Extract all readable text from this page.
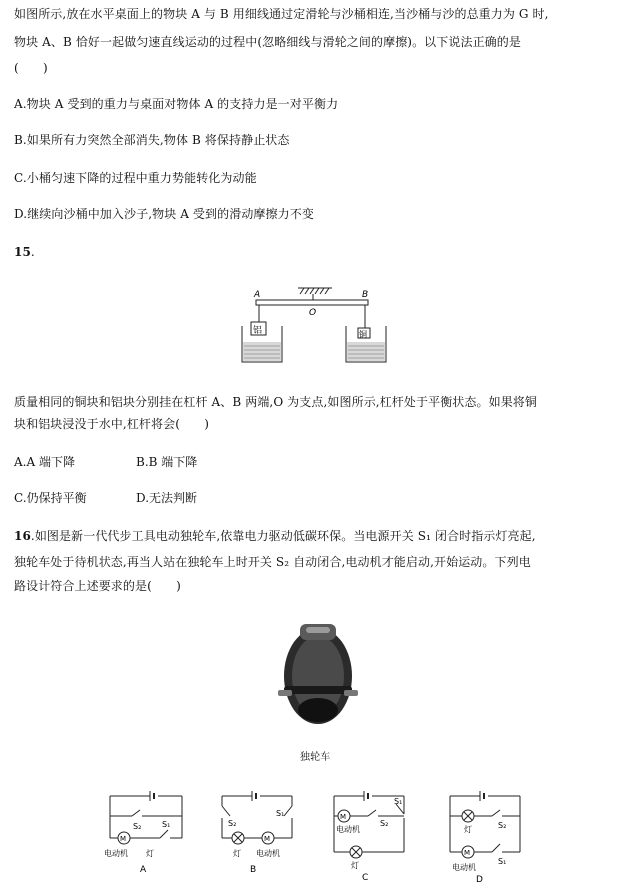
如图所示,放在水平桌面上的物块 A 与 B 用细线通过定滑轮与沙桶相连,当沙桶与沙的总重力为 G 时,
物块 A、B 恰好一起做匀速直线运动的过程中(忽略细线与滑轮之间的摩擦)。以下说法正确的是
(　　)
A.物块 A 受到的重力与桌面对物体 A 的支持力是一对平衡力
B.如果所有力突然全部消失,物体 B 将保持静止状态
C.小桶匀速下降的过程中重力势能转化为动能
D.继续向沙桶中加入沙子,物块 A 受到的滑动摩擦力不变
15.
A	B
O
铝	铜
质量相同的铜块和铝块分别挂在杠杆 A、B 两端,O 为支点,如图所示,杠杆处于平衡状态。如果将铜
块和铝块浸没于水中,杠杆将会(　　)
A.A 端下降	B.B 端下降
C.仍保持平衡	D.无法判断
16.如图是新一代代步工具电动独轮车,依靠电力驱动低碳环保。当电源开关 S₁ 闭合时指示灯亮起,
独轮车处于待机状态,再当人站在独轮车上时开关 S₂ 自动闭合,电动机才能启动,开始运动。下列电
路设计符合上述要求的是(　　)
独轮车
S₂	S₁
M
电动机 灯
A
S₂
S₁
M
灯 电动机
B
M
S₁
S₂
电动机
灯
C
灯	S₂
M
S₁
电动机
D
